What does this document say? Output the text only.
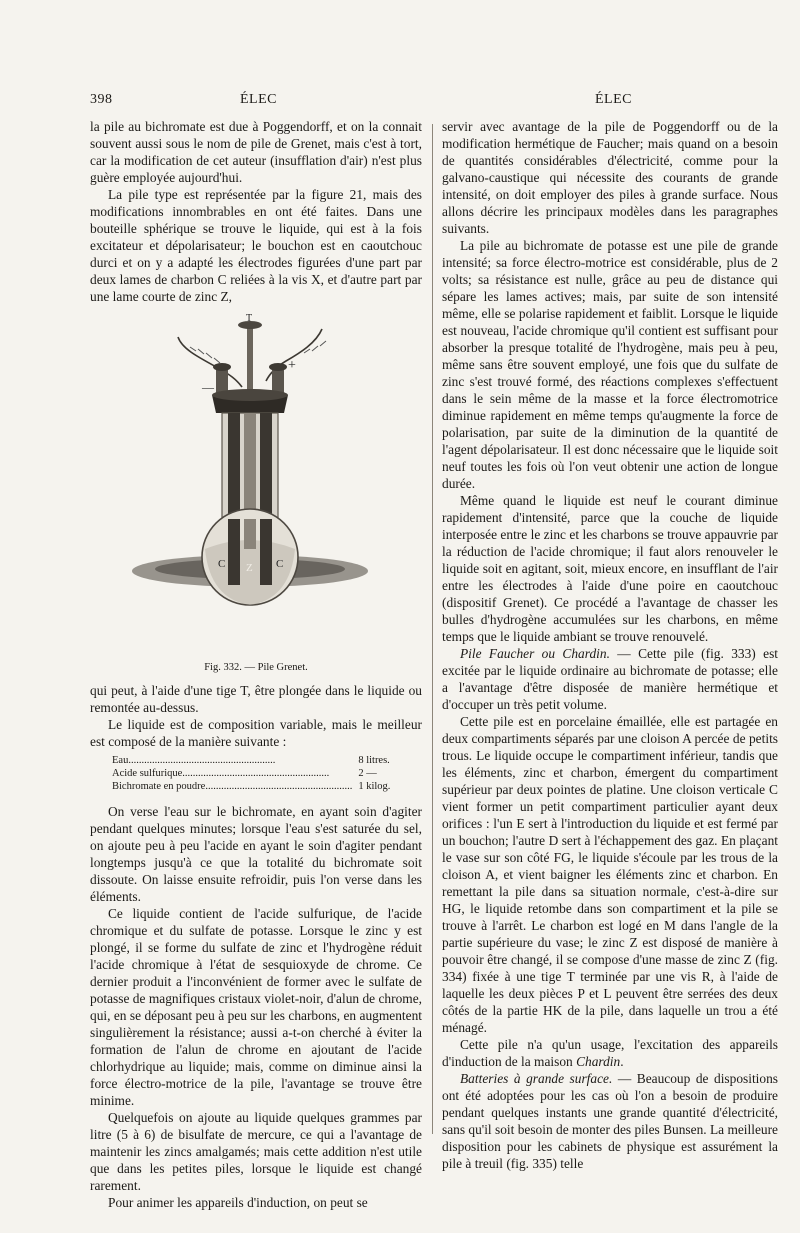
398	ÉLEC	ÉLEC

la pile au bichromate est due à Poggendorff, et on la connait souvent aussi sous le nom de pile de Grenet, mais c'est à tort, car la modification de cet auteur (insufflation d'air) n'est plus guère employée aujourd'hui.

La pile type est représentée par la figure 21, mais des modifications innombrables en ont été faites. Dans une bouteille sphérique se trouve le liquide, qui est à la fois excitateur et dépolarisateur; le bouchon est en caoutchouc durci et on y a adapté les électrodes figurées d'une part par deux lames de charbon C reliées à la vis X, et d'autre part par une lame courte de zinc Z,

T
—
+
C Z C

Fig. 332. — Pile Grenet.

qui peut, à l'aide d'une tige T, être plongée dans le liquide ou remontée au-dessus.

Le liquide est de composition variable, mais le meilleur est composé de la manière suivante :

Eau........................................................	8 litres.
Acide sulfurique........................................................	2 —
Bichromate en poudre........................................................	1 kilog.

On verse l'eau sur le bichromate, en ayant soin d'agiter pendant quelques minutes; lorsque l'eau s'est saturée du sel, on ajoute peu à peu l'acide en ayant le soin d'agiter pendant longtemps jusqu'à ce que la totalité du bichromate soit dissoute. On laisse ensuite refroidir, puis l'on verse dans les éléments.

Ce liquide contient de l'acide sulfurique, de l'acide chromique et du sulfate de potasse. Lorsque le zinc y est plongé, il se forme du sulfate de zinc et l'hydrogène réduit l'acide chromique à l'état de sesquioxyde de chrome. Ce dernier produit a l'inconvénient de former avec le sulfate de potasse de magnifiques cristaux violet-noir, d'alun de chrome, qui, en se déposant peu à peu sur les charbons, en augmentent singulièrement la résistance; aussi a-t-on cherché à éviter la formation de l'alun de chrome en ajoutant de l'acide chlorhydrique au liquide; mais, comme on diminue ainsi la force électro-motrice de la pile, l'avantage se trouve être minime.

Quelquefois on ajoute au liquide quelques grammes par litre (5 à 6) de bisulfate de mercure, ce qui a l'avantage de maintenir les zincs amalgamés; mais cette addition n'est utile que dans les petites piles, lorsque le liquide est changé rarement.

Pour animer les appareils d'induction, on peut se

servir avec avantage de la pile de Poggendorff ou de la modification hermétique de Faucher; mais quand on a besoin de quantités considérables d'électricité, comme pour la galvano-caustique qui nécessite des courants de grande intensité, on doit employer des piles à grande surface. Nous allons décrire les principaux modèles dans les paragraphes suivants.

La pile au bichromate de potasse est une pile de grande intensité; sa force électro-motrice est considérable, plus de 2 volts; sa résistance est nulle, grâce au peu de distance qui sépare les lames actives; mais, par suite de son intensité même, elle se polarise rapidement et faiblit. Lorsque le liquide est nouveau, l'acide chromique qu'il contient est suffisant pour absorber la presque totalité de l'hydrogène, mais peu à peu, même sans être souvent employé, une fois que du sulfate de zinc s'est trouvé formé, des réactions complexes s'effectuent dans le sein même de la masse et la force électromotrice diminue rapidement en même temps qu'augmente la force de polarisation, par suite de la diminution de la quantité de l'agent dépolarisateur. Il est donc nécessaire que le liquide soit neuf toutes les fois où l'on veut obtenir une action de longue durée.

Même quand le liquide est neuf le courant diminue rapidement d'intensité, parce que la couche de liquide interposée entre le zinc et les charbons se trouve appauvrie par la réduction de l'acide chromique; il faut alors renouveler le liquide soit en agitant, soit, mieux encore, en insufflant de l'air entre les électrodes à l'aide d'une poire en caoutchouc (dispositif Grenet). Ce procédé a l'avantage de chasser les bulles d'hydrogène accumulées sur les charbons, en même temps que le liquide ambiant se trouve renouvelé.

Pile Faucher ou Chardin. — Cette pile (fig. 333) est excitée par le liquide ordinaire au bichromate de potasse; elle a l'avantage d'être disposée de manière hermétique et d'occuper un très petit volume.

Cette pile est en porcelaine émaillée, elle est partagée en deux compartiments séparés par une cloison A percée de petits trous. Le liquide occupe le compartiment inférieur, tandis que les éléments, zinc et charbon, émergent du compartiment supérieur par deux pointes de platine. Une cloison verticale C vient former un petit compartiment particulier ayant deux orifices : l'un E sert à l'introduction du liquide et est fermé par un bouchon; l'autre D sert à l'échappement des gaz. En plaçant le vase sur son côté FG, le liquide s'écoule par les trous de la cloison A, et vient baigner les éléments zinc et charbon. En remettant la pile dans sa situation normale, c'est-à-dire sur HG, le liquide retombe dans son compartiment et la pile se trouve à l'arrêt. Le charbon est logé en M dans l'angle de la partie supérieure du vase; le zinc Z est disposé de manière à pouvoir être changé, il se compose d'une masse de zinc Z (fig. 334) fixée à une tige T terminée par une vis R, à l'aide de laquelle les deux pièces P et L peuvent être serrées des deux côtés de la partie HK de la pile, dans laquelle un trou a été ménagé.

Cette pile n'a qu'un usage, l'excitation des appareils d'induction de la maison Chardin.

Batteries à grande surface. — Beaucoup de dispositions ont été adoptées pour les cas où l'on a besoin de produire pendant quelques instants une grande quantité d'électricité, sans qu'il soit besoin de monter des piles Bunsen. La meilleure disposition pour les cabinets de physique est assurément la pile à treuil (fig. 335) telle
